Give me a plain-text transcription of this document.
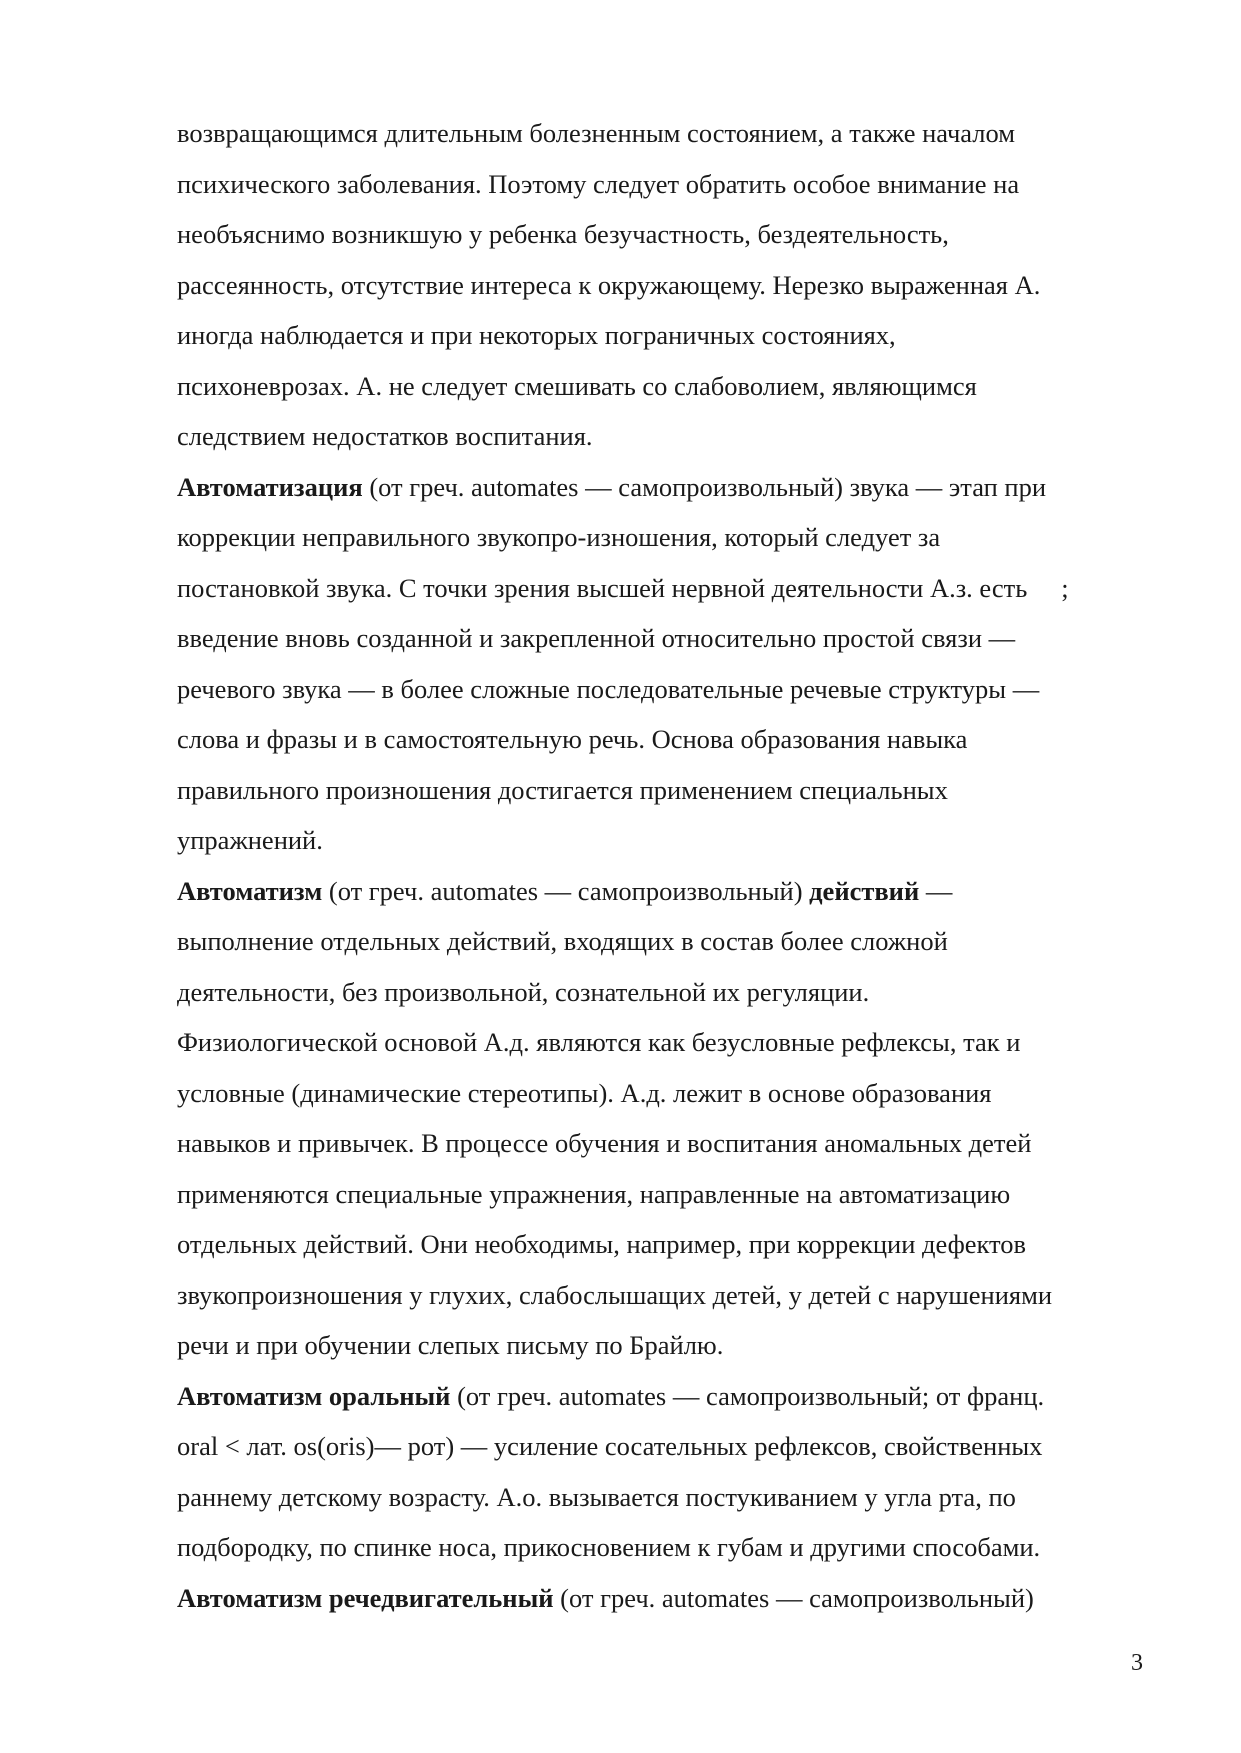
возвращающимся длительным болезненным состоянием, а также началом
психического заболевания. Поэтому следует обратить особое внимание на
необъяснимо возникшую у ребенка безучастность, бездеятельность,
рассеянность, отсутствие интереса к окружающему. Нерезко выраженная А.
иногда наблюдается и при некоторых пограничных состояниях,
психоневрозах. А. не следует смешивать со слабоволием, являющимся
следствием недостатков воспитания.
Автоматизация (от греч. automates — самопроизвольный) звука — этап при
коррекции неправильного звукопро-изношения, который следует за
постановкой звука. С точки зрения высшей нервной деятельности А.з. есть ;
введение вновь созданной и закрепленной относительно простой связи —
речевого звука — в более сложные последовательные речевые структуры —
слова и фразы и в самостоятельную речь. Основа образования навыка
правильного произношения достигается применением специальных
упражнений.
Автоматизм (от греч. automates — самопроизвольный) действий —
выполнение отдельных действий, входящих в состав более сложной
деятельности, без произвольной, сознательной их регуляции.
Физиологической основой А.д. являются как безусловные рефлексы, так и
условные (динамические стереотипы). А.д. лежит в основе образования
навыков и привычек. В процессе обучения и воспитания аномальных детей
применяются специальные упражнения, направленные на автоматизацию
отдельных действий. Они необходимы, например, при коррекции дефектов
звукопроизношения у глухих, слабослышащих детей, у детей с нарушениями
речи и при обучении слепых письму по Брайлю.
Автоматизм оральный (от греч. automates — самопроизвольный; от франц.
oral < лат. os(oris)— рот) — усиление сосательных рефлексов, свойственных
раннему детскому возрасту. А.о. вызывается постукиванием у угла рта, по
подбородку, по спинке носа, прикосновением к губам и другими способами.
Автоматизм речедвигательный (от греч. automates — самопроизвольный)
3
